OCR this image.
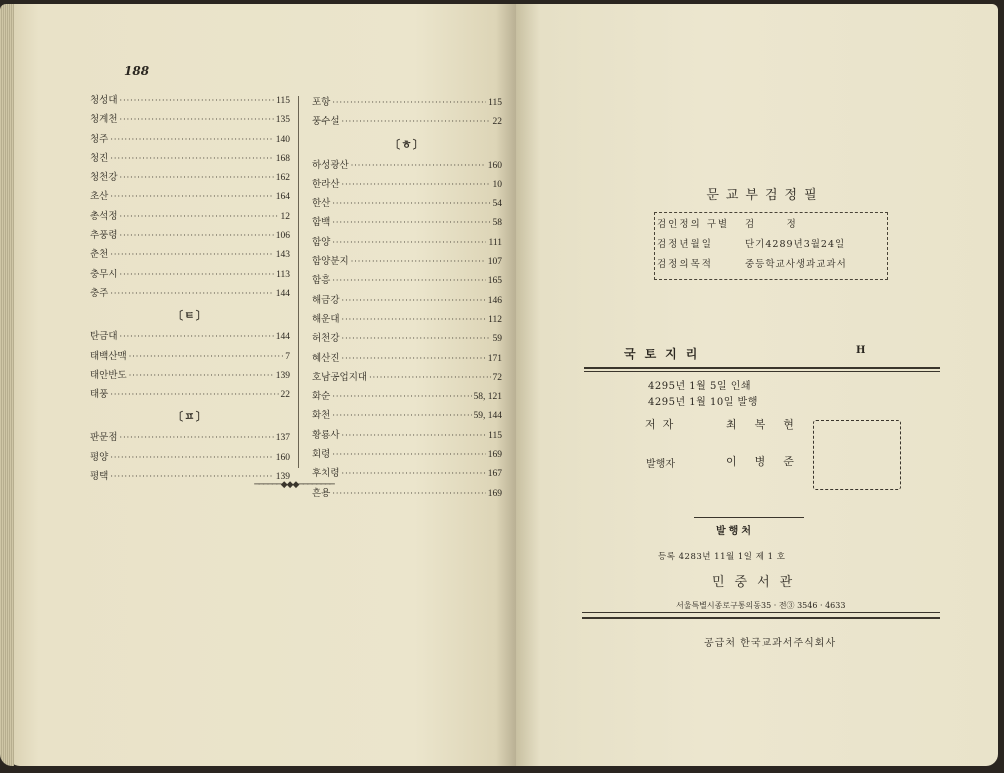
188
청성대 ·····	115
청계천 ·····	135
청주 ·····	140
청진 ·····	168
청천강 ·····	162
초산 ·····	164
총석정 ·····	12
추풍령 ·····	106
춘천 ·····	143
충무시 ·····	113
충주 ·····	144
〔ㅌ〕
탄금대 ·····	144
태백산맥 ·····	7
태안반도 ·····	139
태풍 ·····	22
〔ㅍ〕
판문점 ·····	137
평양 ·····	160
평택 ·····	139
포항 ·····	115
풍수설 ·····	22
〔ㅎ〕
하성광산 ·····	160
한라산 ·····	10
한산 ·····	54
함백 ·····	58
함양 ·····	111
함양분지 ·····	107
함흥 ·····	165
해금강 ·····	146
해운대 ·····	112
허천강 ·····	59
혜산진 ·····	171
호남공업지대 ·····	72
화순 ·····	58, 121
화천 ·····	59, 144
황룡사 ·····	115
회령 ·····	169
후치령 ·····	167
흔용 ·····	169
──────◆◆◆────────
문교부검정필
검인정의 구별	검　　　정
검정년월일	단기4289년3월24일
검정의목적	중등학교사생과교과서
국토지리	H
4295년 1월 5일 인쇄
4295년 1월 10일 발행
저자	최복현
발행자	이병준
발행처
등록 4283년 11월 1일 제 1 호
민중서관
서울특별시종로구통의동35 · 전③ 3546 · 4633
공급처 한국교과서주식회사
